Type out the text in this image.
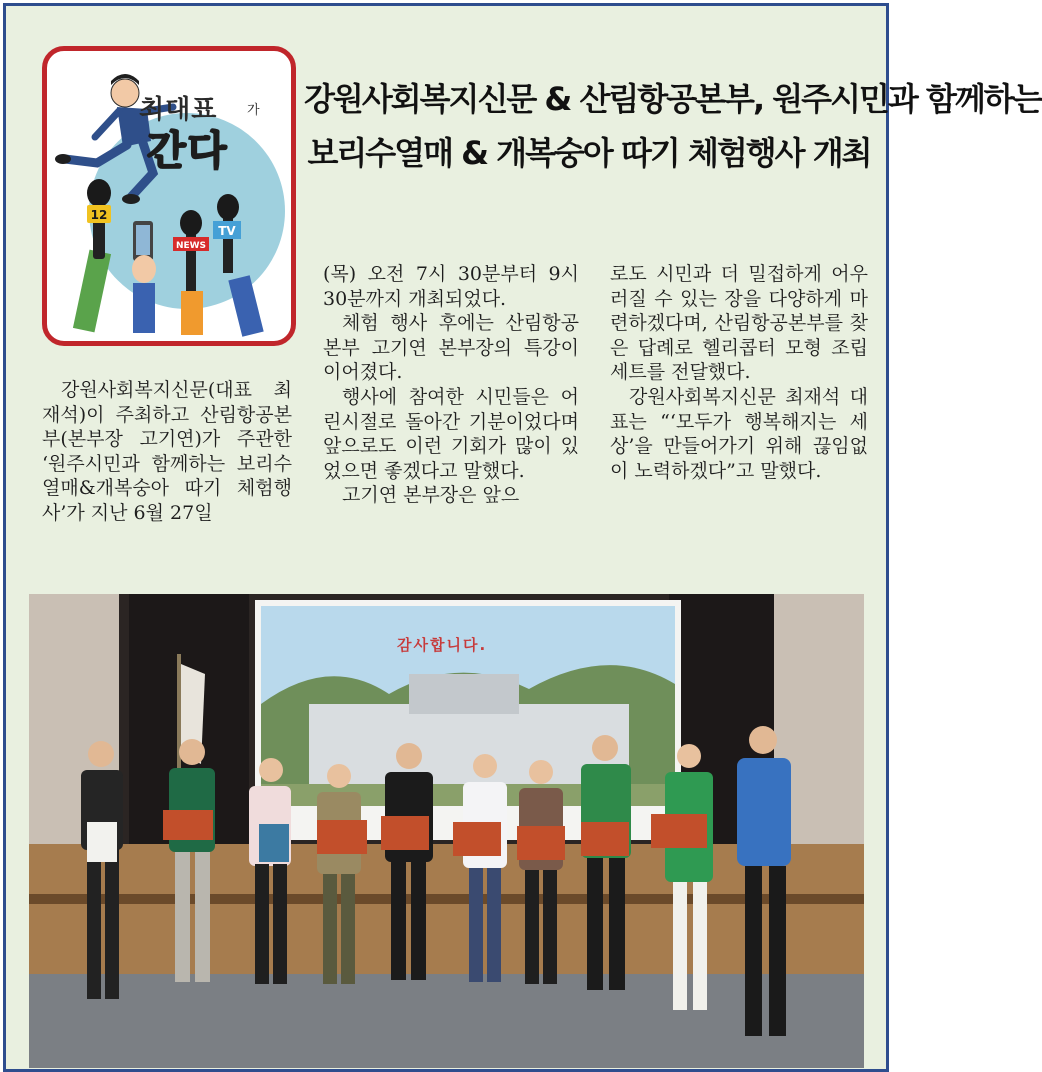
12
NEWS
TV
최대표 가
간다
강원사회복지신문 & 산림항공본부, 원주시민과 함께하는
보리수열매 & 개복숭아 따기 체험행사 개최

강원사회복지신문(대표 최재석)이 주최하고 산림항공본부(본부장 고기연)가 주관한 ‘원주시민과 함께하는 보리수열매&개복숭아 따기 체험행사’가 지난 6월 27일

(목) 오전 7시 30분부터 9시 30분까지 개최되었다.

체험 행사 후에는 산림항공본부 고기연 본부장의 특강이 이어졌다.

행사에 참여한 시민들은 어린시절로 돌아간 기분이었다며 앞으로도 이런 기회가 많이 있었으면 좋겠다고 말했다.

고기연 본부장은 앞으

로도 시민과 더 밀접하게 어우러질 수 있는 장을 다양하게 마련하겠다며, 산림항공본부를 찾은 답례로 헬리콥터 모형 조립세트를 전달했다.

강원사회복지신문 최재석 대표는 “‘모두가 행복해지는 세상’을 만들어가기 위해 끊임없이 노력하겠다”고 말했다.

감사합니다.
